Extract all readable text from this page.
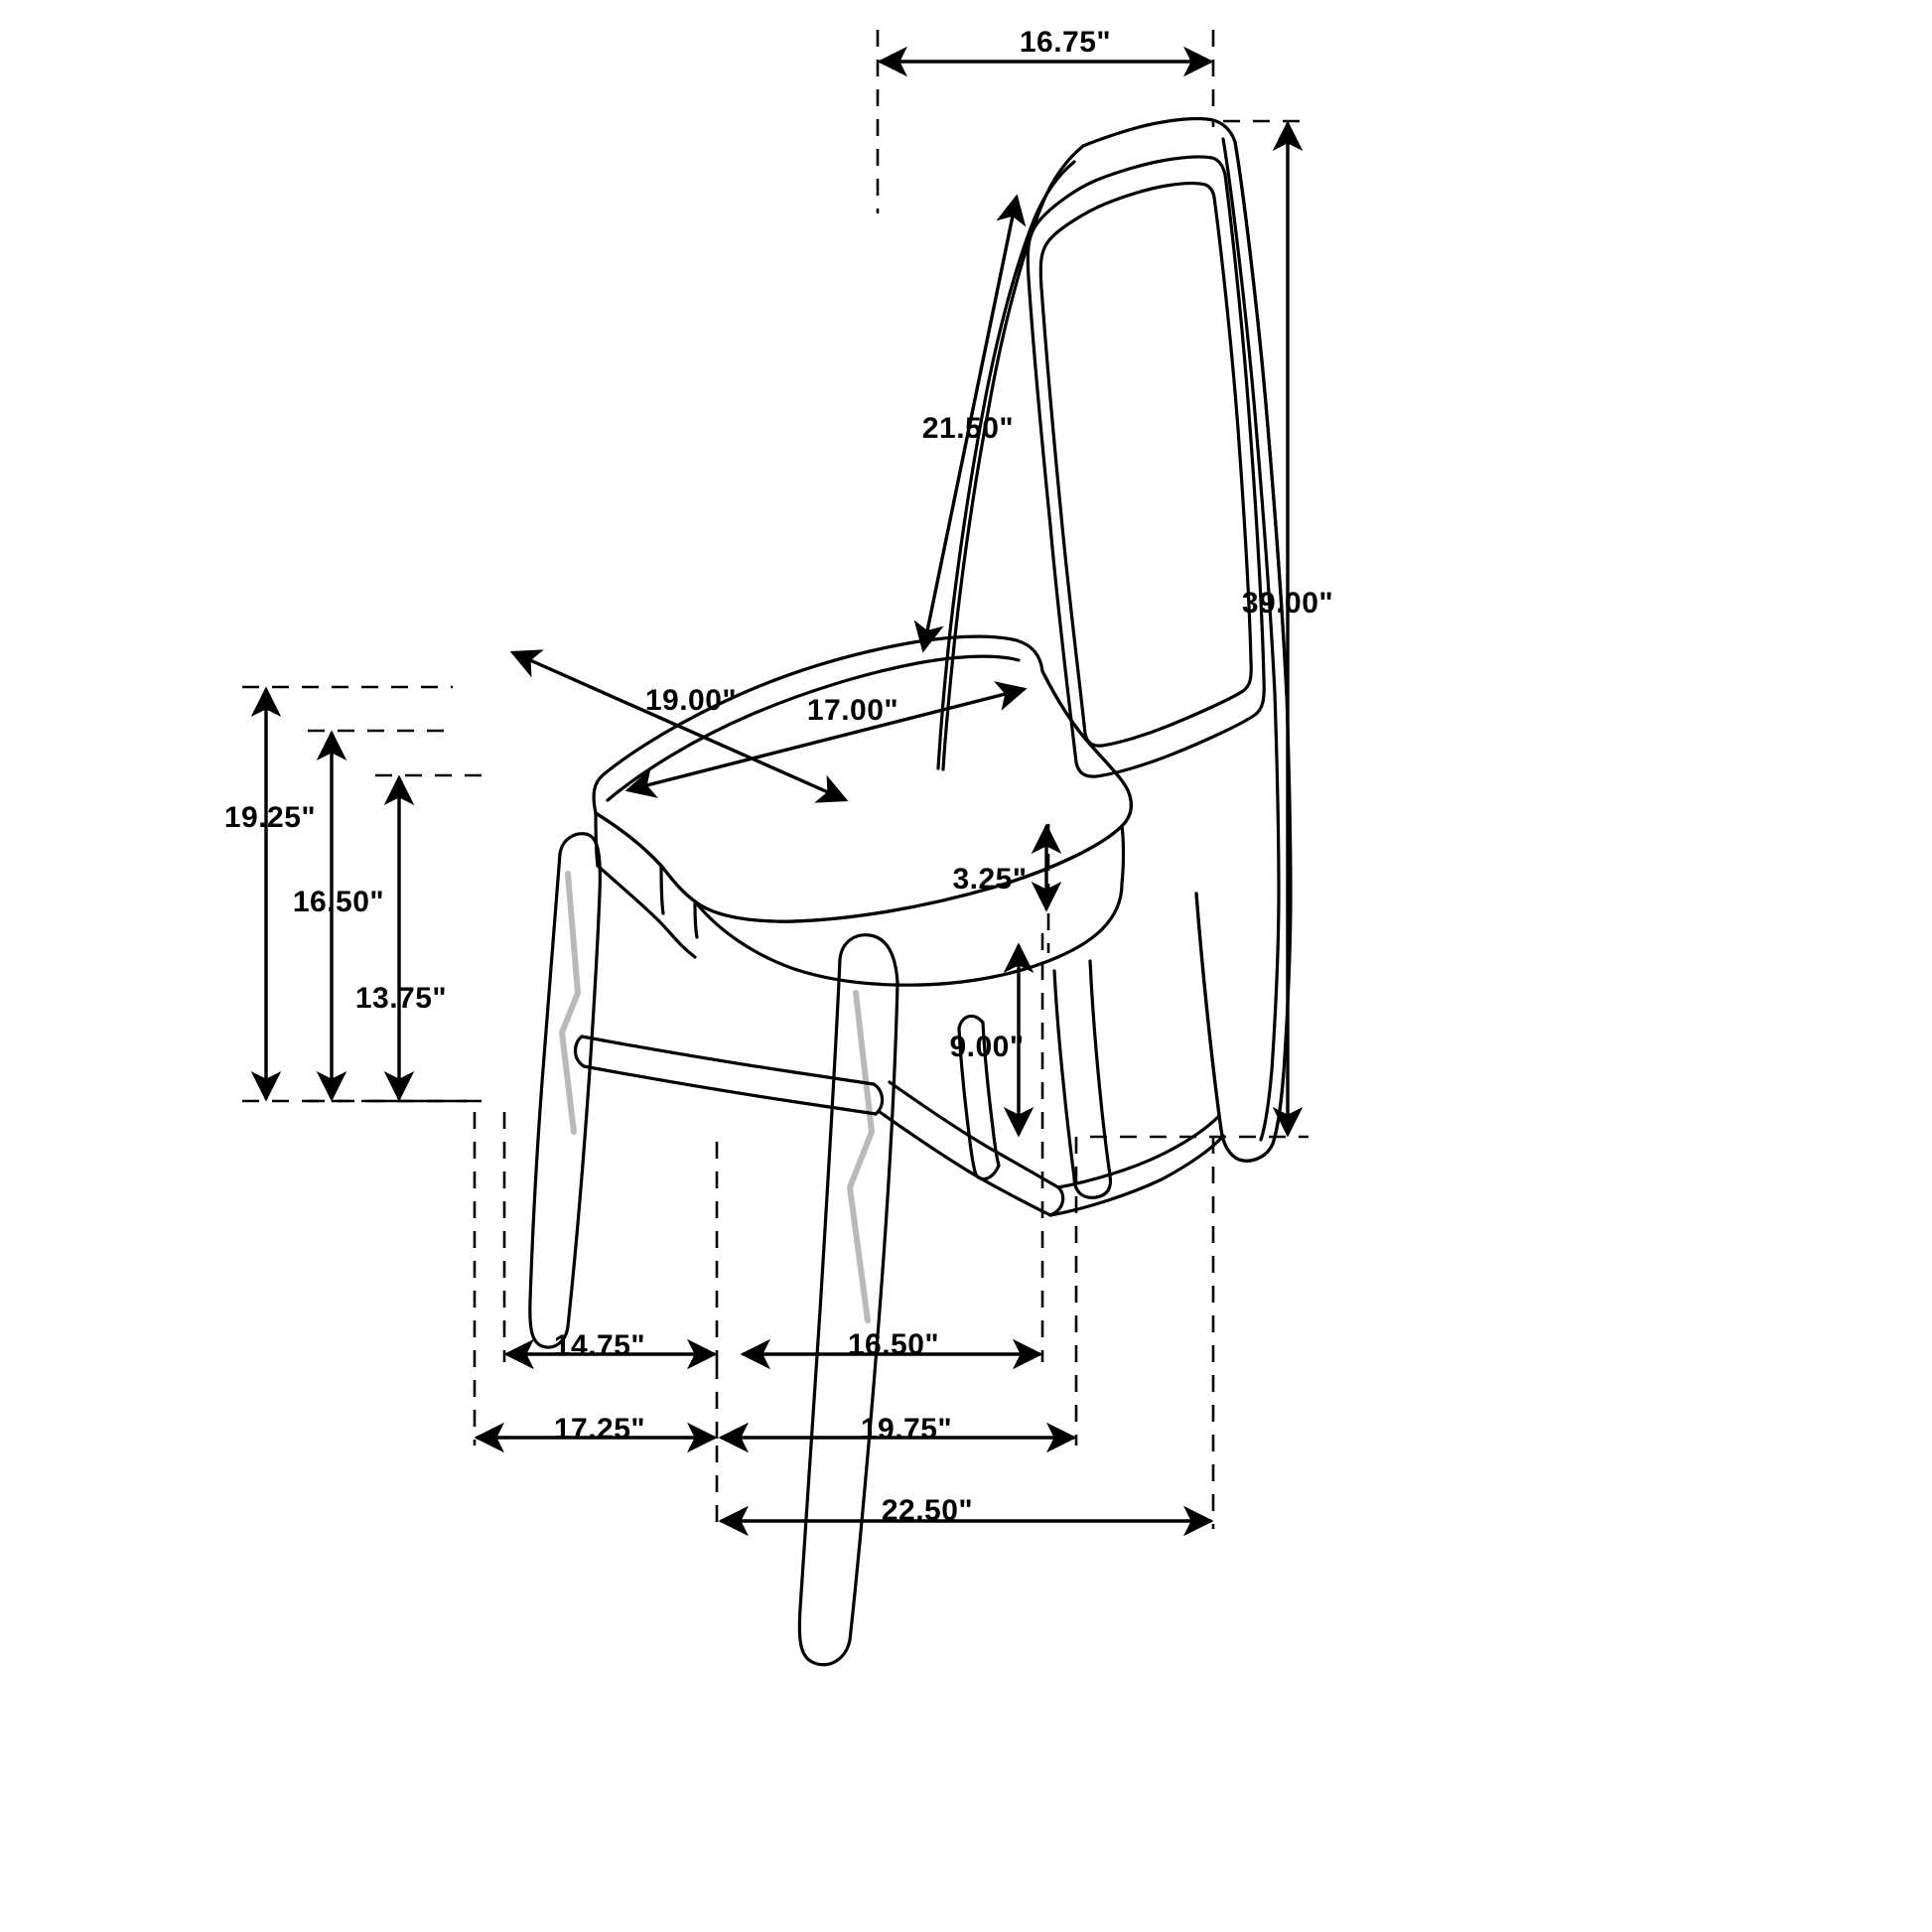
16.75"
21.50"
39.00"
19.00" 17.00"
19.25"
3.25"
16.50"
13.75"
9.00"
14.75"	16.50"
17.25"	19.75"
22.50"
